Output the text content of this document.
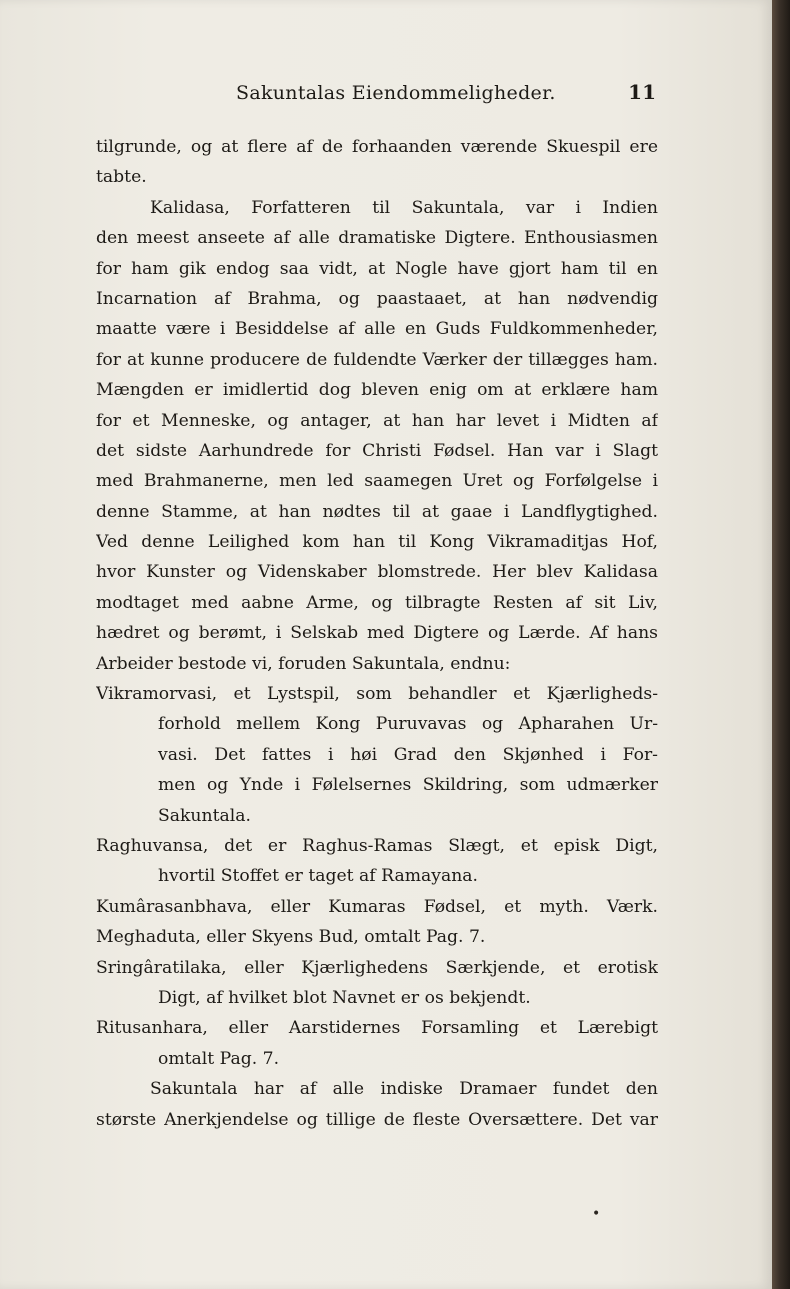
Sakuntalas Eiendommeligheder.	11
tilgrunde, og at flere af de forhaanden værende Skuespil ere
tabte.
Kalidasa, Forfatteren til Sakuntala, var i Indien
den meest anseete af alle dramatiske Digtere. Enthousiasmen
for ham gik endog saa vidt, at Nogle have gjort ham til en
Incarnation af Brahma, og paastaaet, at han nødvendig
maatte være i Besiddelse af alle en Guds Fuldkommenheder,
for at kunne producere de fuldendte Værker der tillægges ham.
Mængden er imidlertid dog bleven enig om at erklære ham
for et Menneske, og antager, at han har levet i Midten af
det sidste Aarhundrede for Christi Fødsel. Han var i Slagt
med Brahmanerne, men led saamegen Uret og Forfølgelse i
denne Stamme, at han nødtes til at gaae i Landflygtighed.
Ved denne Leilighed kom han til Kong Vikramaditjas Hof,
hvor Kunster og Videnskaber blomstrede. Her blev Kalidasa
modtaget med aabne Arme, og tilbragte Resten af sit Liv,
hædret og berømt, i Selskab med Digtere og Lærde. Af hans
Arbeider bestode vi, foruden Sakuntala, endnu:
Vikramorvasi, et Lystspil, som behandler et Kjærligheds-
forhold mellem Kong Puruvavas og Apharahen Ur-
vasi. Det fattes i høi Grad den Skjønhed i For-
men og Ynde i Følelsernes Skildring, som udmærker
Sakuntala.
Raghuvansa, det er Raghus-Ramas Slægt, et episk Digt,
hvortil Stoffet er taget af Ramayana.
Kumârasanbhava, eller Kumaras Fødsel, et myth. Værk.
Meghaduta, eller Skyens Bud, omtalt Pag. 7.
Sringâratilaka, eller Kjærlighedens Særkjende, et erotisk
Digt, af hvilket blot Navnet er os bekjendt.
Ritusanhara, eller Aarstidernes Forsamling et Lærebigt
omtalt Pag. 7.
Sakuntala har af alle indiske Dramaer fundet den
største Anerkjendelse og tillige de fleste Oversættere. Det var
•
